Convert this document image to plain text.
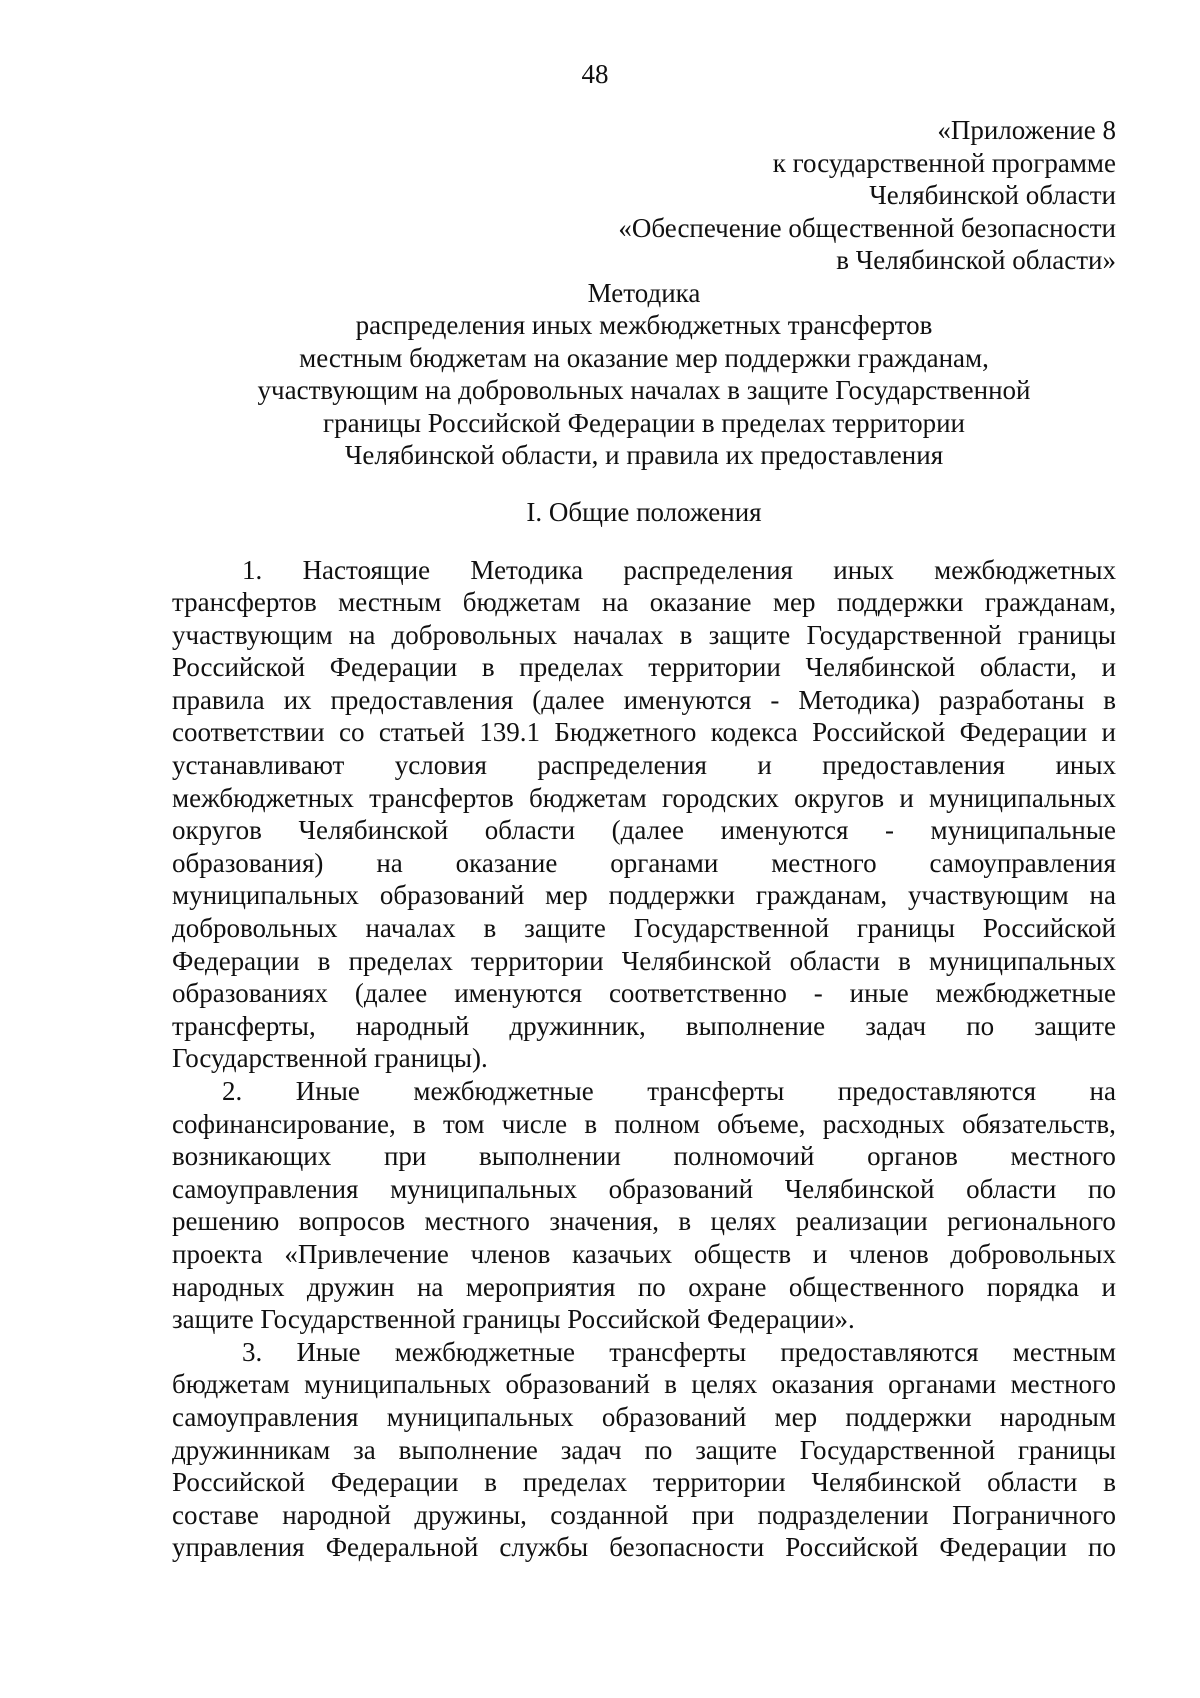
48
«Приложение 8
к государственной программе
Челябинской области
«Обеспечение общественной безопасности
в Челябинской области»
Методика
распределения иных межбюджетных трансфертов
местным бюджетам на оказание мер поддержки гражданам,
участвующим на добровольных началах в защите Государственной
границы Российской Федерации в пределах территории
Челябинской области, и правила их предоставления
I. Общие положения
1. Настоящие Методика распределения иных межбюджетных
трансфертов местным бюджетам на оказание мер поддержки гражданам,
участвующим на добровольных началах в защите Государственной границы
Российской Федерации в пределах территории Челябинской области, и
правила их предоставления (далее именуются - Методика) разработаны в
соответствии со статьей 139.1 Бюджетного кодекса Российской Федерации и
устанавливают условия распределения и предоставления иных
межбюджетных трансфертов бюджетам городских округов и муниципальных
округов Челябинской области (далее именуются - муниципальные
образования) на оказание органами местного самоуправления
муниципальных образований мер поддержки гражданам, участвующим на
добровольных началах в защите Государственной границы Российской
Федерации в пределах территории Челябинской области в муниципальных
образованиях (далее именуются соответственно - иные межбюджетные
трансферты, народный дружинник, выполнение задач по защите
Государственной границы).
2. Иные межбюджетные трансферты предоставляются на
софинансирование, в том числе в полном объеме, расходных обязательств,
возникающих при выполнении полномочий органов местного
самоуправления муниципальных образований Челябинской области по
решению вопросов местного значения, в целях реализации регионального
проекта «Привлечение членов казачьих обществ и членов добровольных
народных дружин на мероприятия по охране общественного порядка и
защите Государственной границы Российской Федерации».
3. Иные межбюджетные трансферты предоставляются местным
бюджетам муниципальных образований в целях оказания органами местного
самоуправления муниципальных образований мер поддержки народным
дружинникам за выполнение задач по защите Государственной границы
Российской Федерации в пределах территории Челябинской области в
составе народной дружины, созданной при подразделении Пограничного
управления Федеральной службы безопасности Российской Федерации по
